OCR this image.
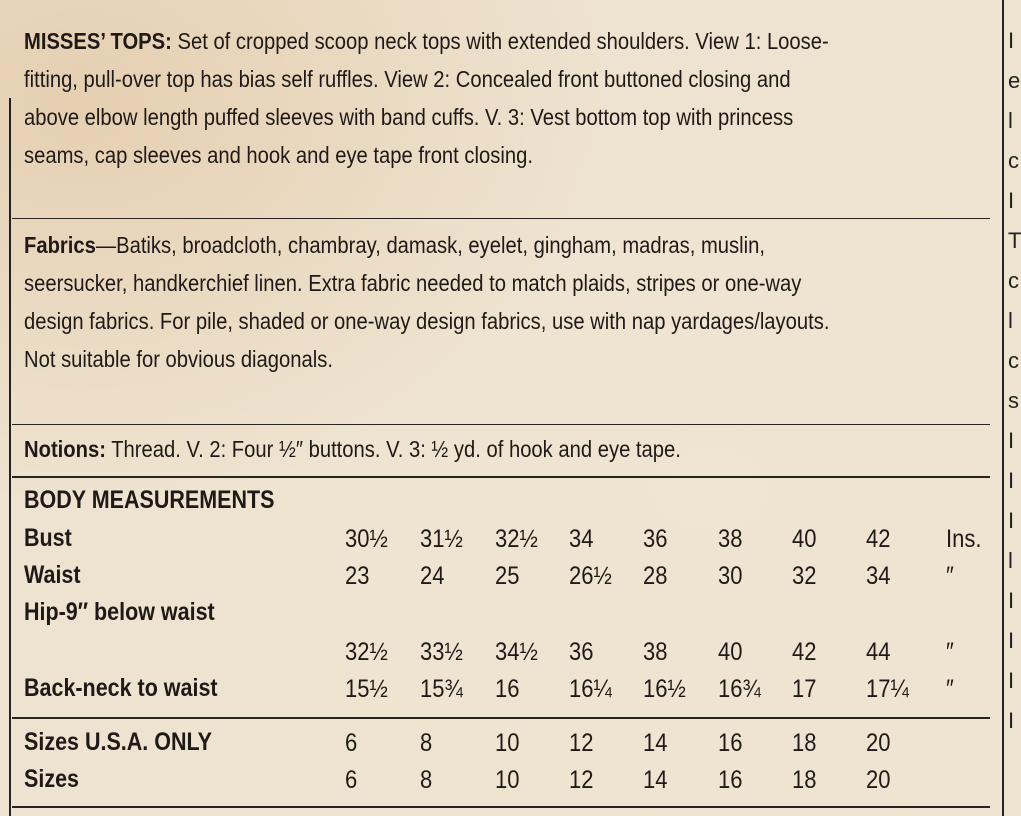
I
e
l
c
I
T
c
l
c
s
I
I
I
l
I
I
I
I
MISSES’ TOPS: Set of cropped scoop neck tops with extended shoulders. View 1: Loose-
fitting, pull-over top has bias self ruffles. View 2: Concealed front buttoned closing and
above elbow length puffed sleeves with band cuffs. V. 3: Vest bottom top with princess
seams, cap sleeves and hook and eye tape front closing.
Fabrics—Batiks, broadcloth, chambray, damask, eyelet, gingham, madras, muslin,
seersucker, handkerchief linen. Extra fabric needed to match plaids, stripes or one-way
design fabrics. For pile, shaded or one-way design fabrics, use with nap yardages/layouts.
Not suitable for obvious diagonals.
Notions: Thread. V. 2: Four ½″ buttons. V. 3: ½ yd. of hook and eye tape.
BODY MEASUREMENTS
Bust	30½ 31½ 32½ 34 36 38 40 42 Ins.
Waist	23 24 25 26½ 28 30 32 34 ″
Hip-9″ below waist
32½ 33½ 34½ 36 38 40 42 44 ″
Back-neck to waist	15½ 15¾ 16 16¼ 16½ 16¾ 17 17¼ ″
Sizes U.S.A. ONLY	6	8	10 12 14 16 18 20
Sizes	6	8	10 12 14 16 18 20
